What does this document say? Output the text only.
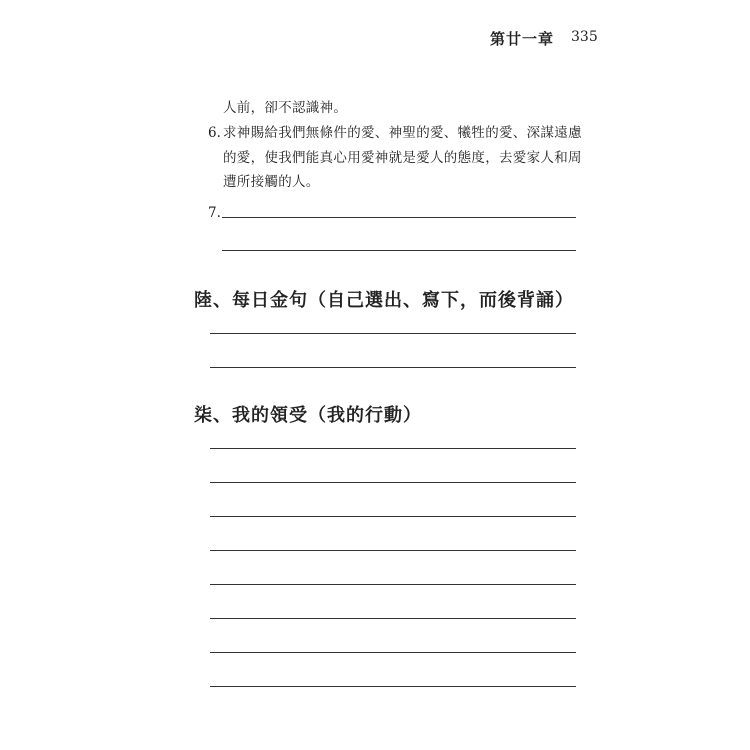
第廿一章 335
人前，卻不認識神。
6. 求神賜給我們無條件的愛、神聖的愛、犧牲的愛、深謀遠慮
的愛，使我們能真心用愛神就是愛人的態度，去愛家人和周
遭所接觸的人。
7.
陸、每日金句（自己選出、寫下，而後背誦）
柒、我的領受（我的行動）
